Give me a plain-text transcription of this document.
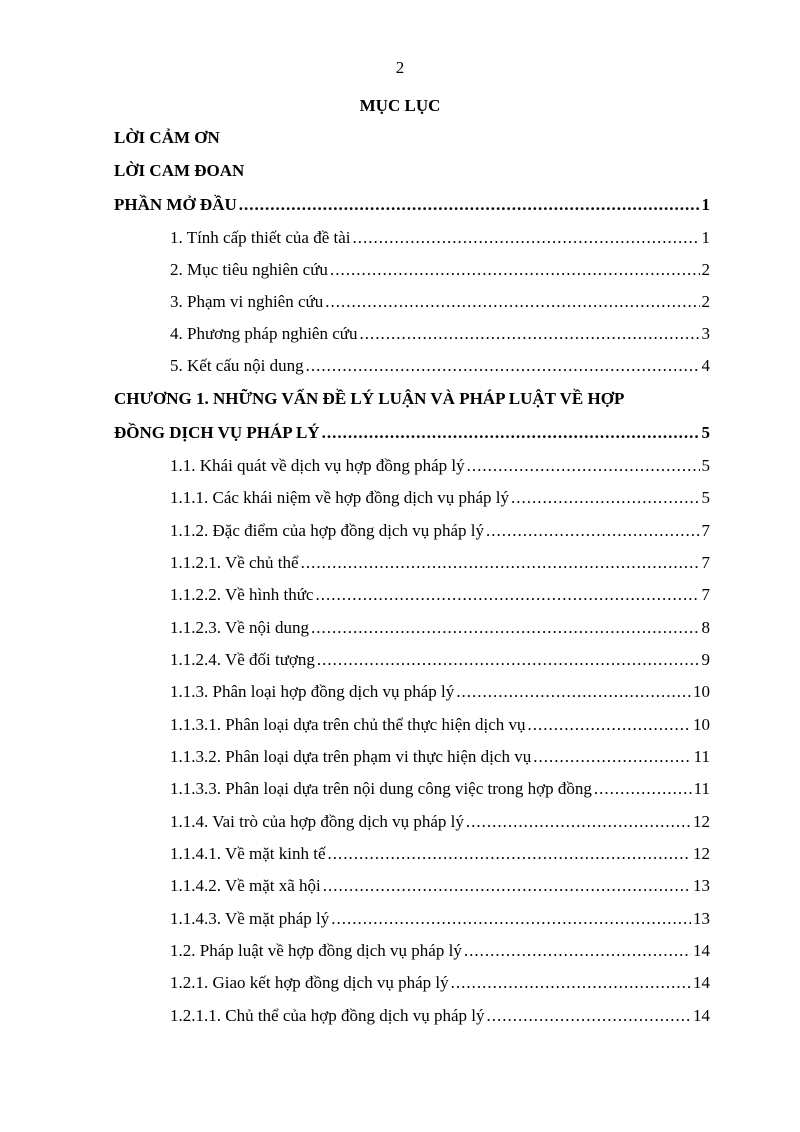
2
MỤC LỤC
LỜI CẢM ƠN
LỜI CAM ĐOAN
PHẦN MỞ ĐẦU .....	1
1. Tính cấp thiết của đề tài .....	1
2. Mục tiêu nghiên cứu .....	2
3. Phạm vi nghiên cứu .....	2
4. Phương pháp nghiên cứu .....	3
5. Kết cấu nội dung .....	4
CHƯƠNG 1. NHỮNG VẤN ĐỀ LÝ LUẬN VÀ PHÁP LUẬT VỀ HỢP
ĐỒNG DỊCH VỤ PHÁP LÝ .....	5
1.1. Khái quát về dịch vụ hợp đồng pháp lý .....	5
1.1.1. Các khái niệm về hợp đồng dịch vụ pháp lý .....	5
1.1.2. Đặc điểm của hợp đồng dịch vụ pháp lý .....	7
1.1.2.1. Về chủ thể .....	7
1.1.2.2. Về hình thức .....	7
1.1.2.3. Về nội dung .....	8
1.1.2.4. Về đối tượng .....	9
1.1.3. Phân loại hợp đồng dịch vụ pháp lý .....	10
1.1.3.1. Phân loại dựa trên chủ thể thực hiện dịch vụ .....	10
1.1.3.2. Phân loại dựa trên phạm vi thực hiện dịch vụ .....	11
1.1.3.3. Phân loại dựa trên nội dung công việc trong hợp đồng .....	11
1.1.4. Vai trò của hợp đồng dịch vụ pháp lý .....	12
1.1.4.1. Về mặt kinh tế .....	12
1.1.4.2. Về mặt xã hội .....	13
1.1.4.3. Về mặt pháp lý .....	13
1.2. Pháp luật về hợp đồng dịch vụ pháp lý .....	14
1.2.1. Giao kết hợp đồng dịch vụ pháp lý .....	14
1.2.1.1. Chủ thể của hợp đồng dịch vụ pháp lý .....	14
